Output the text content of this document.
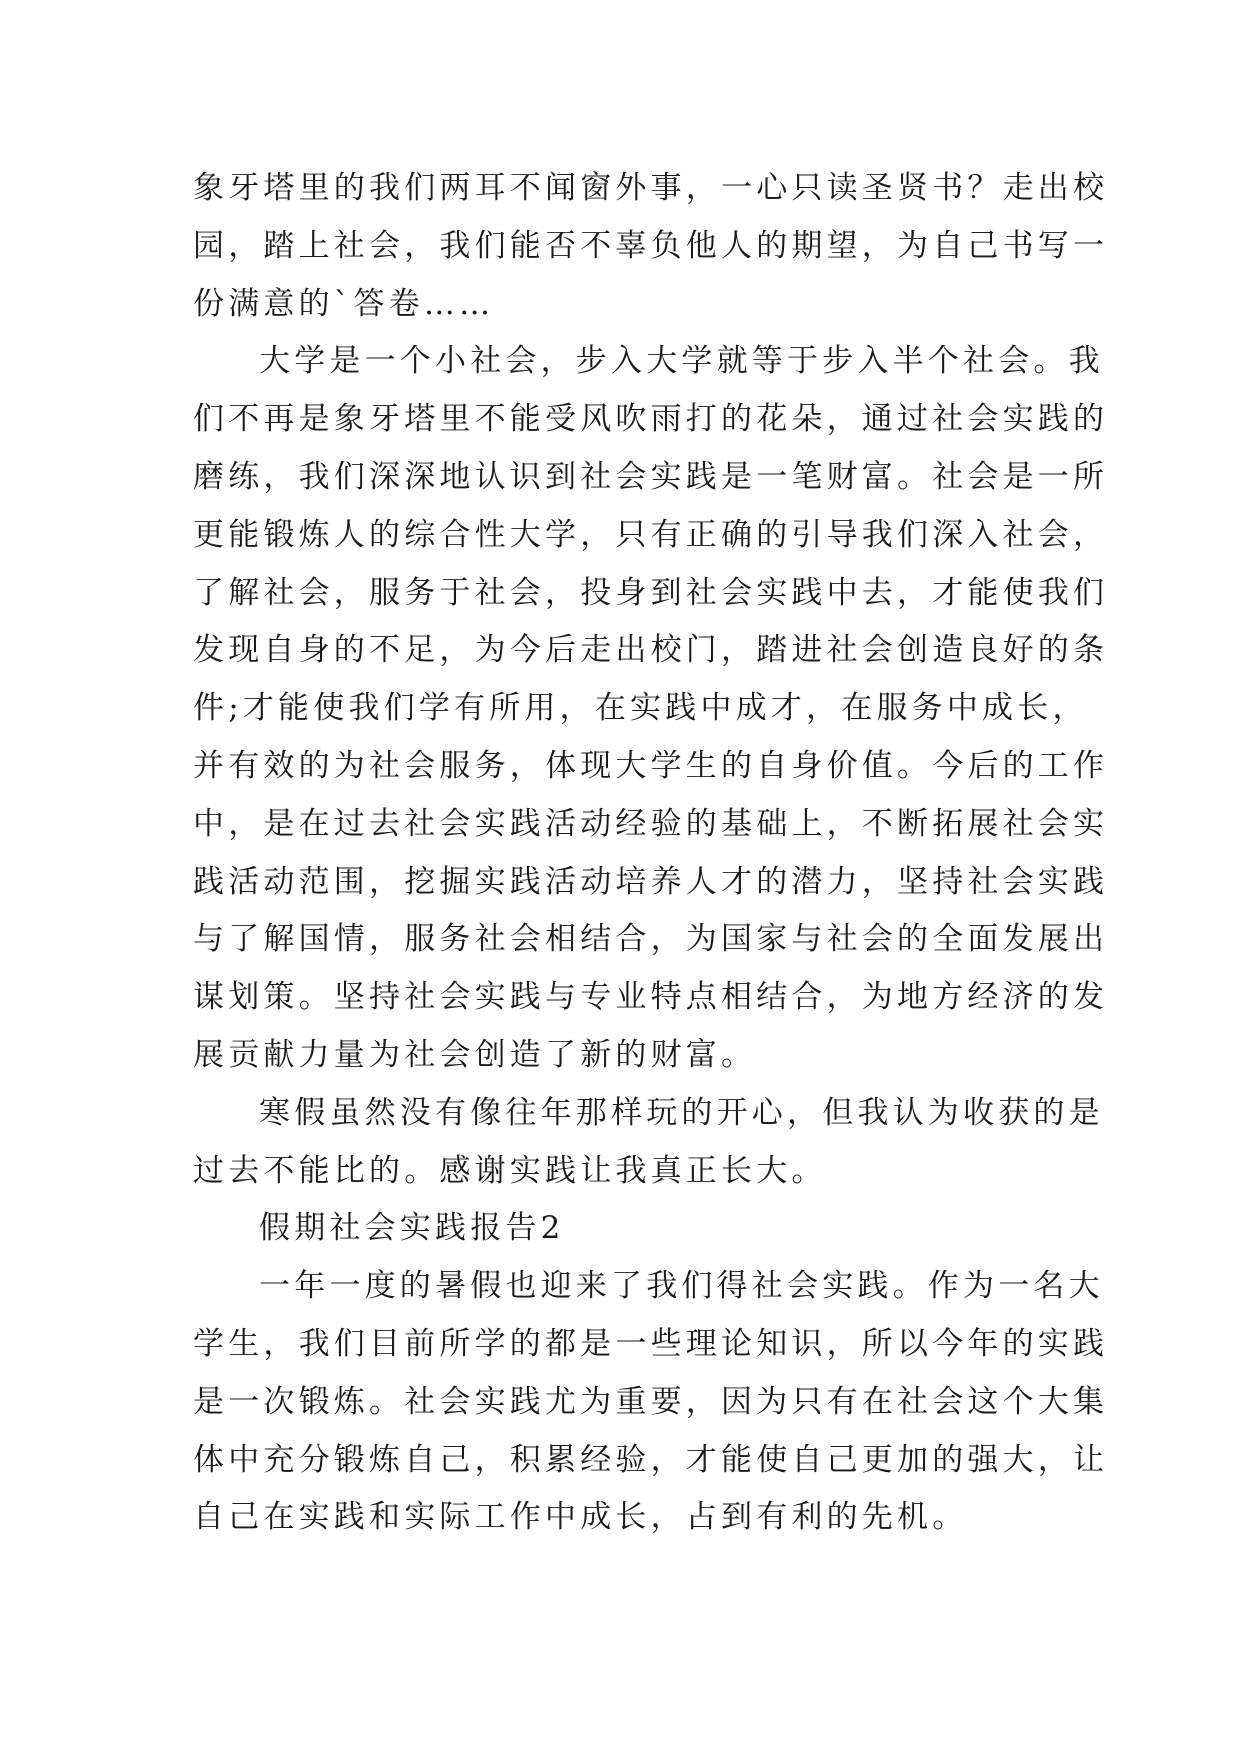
象牙塔里的我们两耳不闻窗外事，一心只读圣贤书？走出校
园，踏上社会，我们能否不辜负他人的期望，为自己书写一
份满意的`答卷……
大学是一个小社会，步入大学就等于步入半个社会。我
们不再是象牙塔里不能受风吹雨打的花朵，通过社会实践的
磨练，我们深深地认识到社会实践是一笔财富。社会是一所
更能锻炼人的综合性大学，只有正确的引导我们深入社会，
了解社会，服务于社会，投身到社会实践中去，才能使我们
发现自身的不足，为今后走出校门，踏进社会创造良好的条
件;才能使我们学有所用，在实践中成才，在服务中成长，
并有效的为社会服务，体现大学生的自身价值。今后的工作
中，是在过去社会实践活动经验的基础上，不断拓展社会实
践活动范围，挖掘实践活动培养人才的潜力，坚持社会实践
与了解国情，服务社会相结合，为国家与社会的全面发展出
谋划策。坚持社会实践与专业特点相结合，为地方经济的发
展贡献力量为社会创造了新的财富。
寒假虽然没有像往年那样玩的开心，但我认为收获的是
过去不能比的。感谢实践让我真正长大。
假期社会实践报告2
一年一度的暑假也迎来了我们得社会实践。作为一名大
学生，我们目前所学的都是一些理论知识，所以今年的实践
是一次锻炼。社会实践尤为重要，因为只有在社会这个大集
体中充分锻炼自己，积累经验，才能使自己更加的强大，让
自己在实践和实际工作中成长，占到有利的先机。
